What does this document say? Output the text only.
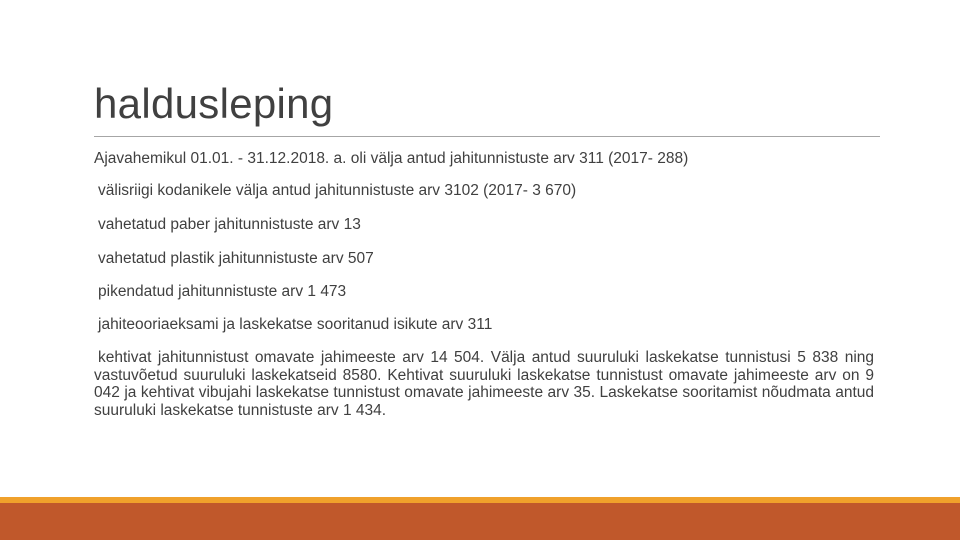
haldusleping
Ajavahemikul 01.01. - 31.12.2018. a. oli välja antud jahitunnistuste arv 311 (2017- 288)
välisriigi kodanikele välja antud jahitunnistuste arv 3102 (2017- 3 670)
vahetatud paber jahitunnistuste arv 13
vahetatud plastik jahitunnistuste arv 507
pikendatud jahitunnistuste arv 1 473
jahiteooriaeksami ja laskekatse sooritanud isikute arv 311
kehtivat jahitunnistust omavate jahimeeste arv 14 504. Välja antud suuruluki laskekatse tunnistusi 5 838 ning vastuvõetud suuruluki laskekatseid 8580. Kehtivat suuruluki laskekatse tunnistust omavate jahimeeste arv on 9 042 ja kehtivat vibujahi laskekatse tunnistust omavate jahimeeste arv 35. Laskekatse sooritamist nõudmata antud suuruluki laskekatse tunnistuste arv 1 434.
